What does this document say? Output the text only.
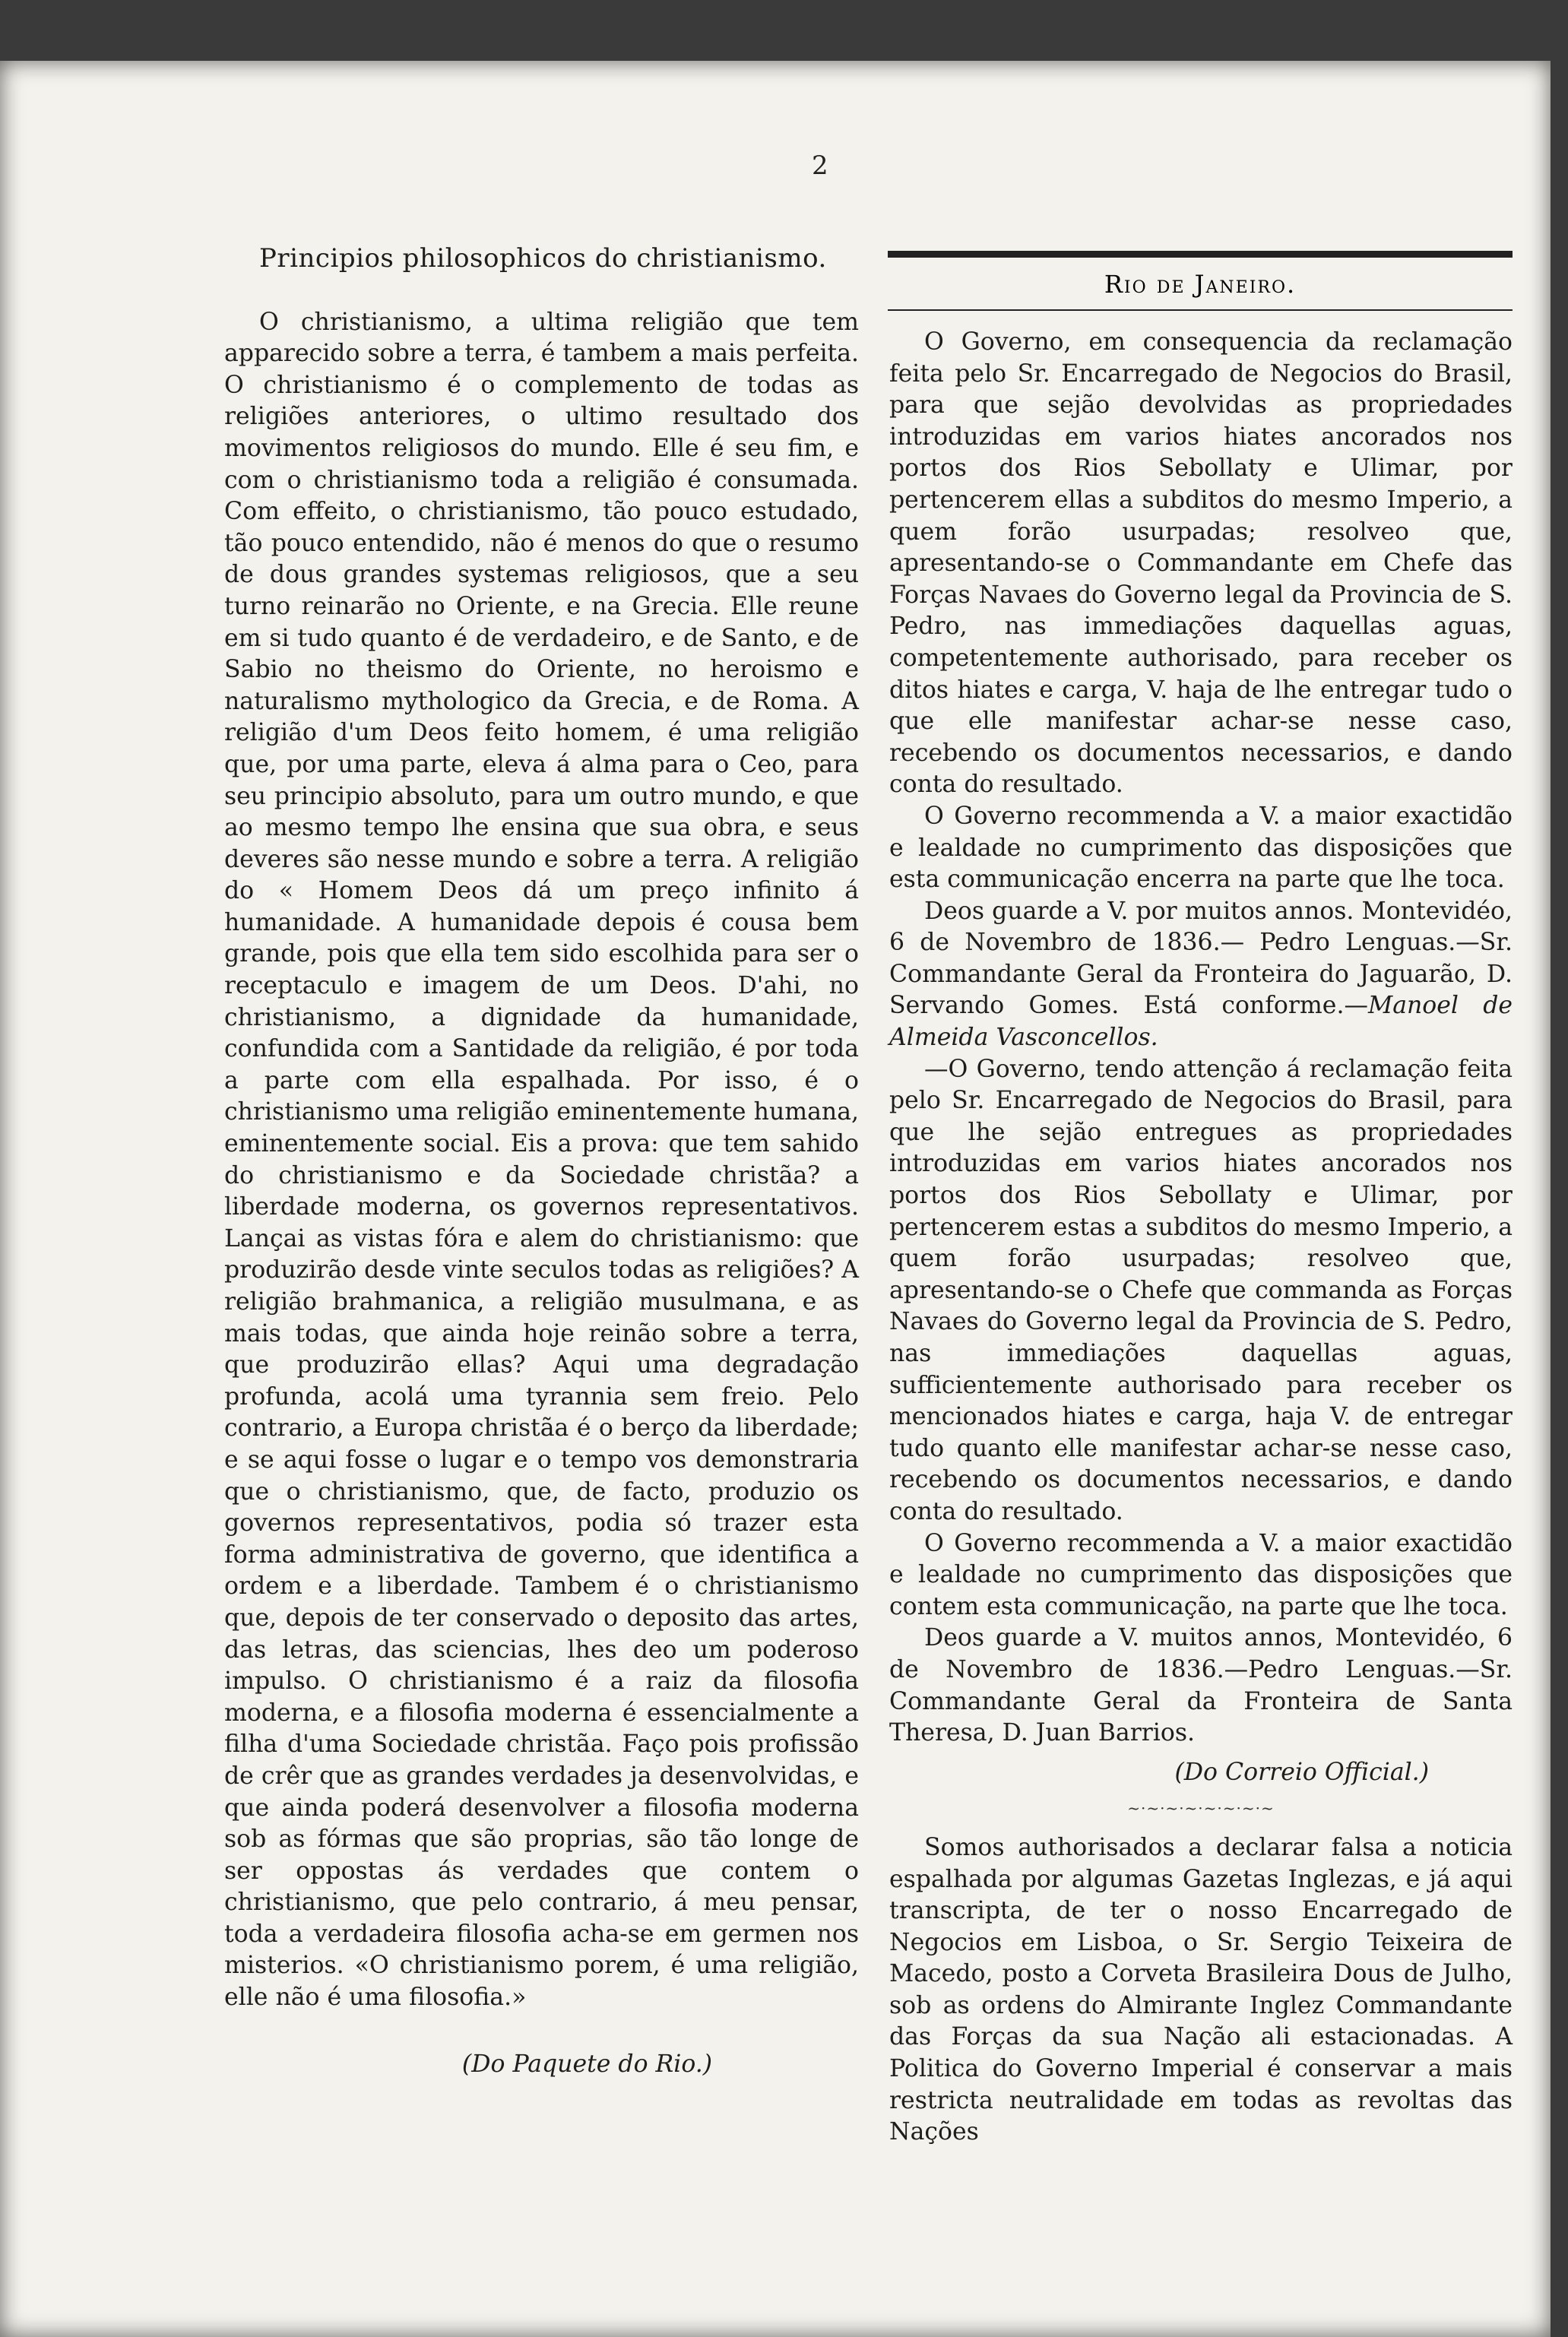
2
Principios philosophicos do christianismo.

O christianismo, a ultima religião que tem apparecido sobre a terra, é tambem a mais perfeita. O christianismo é o complemento de todas as religiões anteriores, o ultimo resultado dos movimentos religiosos do mundo. Elle é seu fim, e com o christianismo toda a religião é consumada. Com effeito, o christianismo, tão pouco estudado, tão pouco entendido, não é menos do que o resumo de dous grandes systemas religiosos, que a seu turno reinarão no Oriente, e na Grecia. Elle reune em si tudo quanto é de verdadeiro, e de Santo, e de Sabio no theismo do Oriente, no heroismo e naturalismo mythologico da Grecia, e de Roma. A religião d'um Deos feito homem, é uma religião que, por uma parte, eleva á alma para o Ceo, para seu principio absoluto, para um outro mundo, e que ao mesmo tempo lhe ensina que sua obra, e seus deveres são nesse mundo e sobre a terra. A religião do « Homem Deos dá um preço infinito á humanidade. A humanidade depois é cousa bem grande, pois que ella tem sido escolhida para ser o receptaculo e imagem de um Deos. D'ahi, no christianismo, a dignidade da humanidade, confundida com a Santidade da religião, é por toda a parte com ella espalhada. Por isso, é o christianismo uma religião eminentemente humana, eminentemente social. Eis a prova: que tem sahido do christianismo e da Sociedade christãa? a liberdade moderna, os governos representativos. Lançai as vistas fóra e alem do christianismo: que produzirão desde vinte seculos todas as religiões? A religião brahmanica, a religião musulmana, e as mais todas, que ainda hoje reinão sobre a terra, que produzirão ellas? Aqui uma degradação profunda, acolá uma tyrannia sem freio. Pelo contrario, a Europa christãa é o berço da liberdade; e se aqui fosse o lugar e o tempo vos demonstraria que o christianismo, que, de facto, produzio os governos representativos, podia só trazer esta forma administrativa de governo, que identifica a ordem e a liberdade. Tambem é o christianismo que, depois de ter conservado o deposito das artes, das letras, das sciencias, lhes deo um poderoso impulso. O christianismo é a raiz da filosofia moderna, e a filosofia moderna é essencialmente a filha d'uma Sociedade christãa. Faço pois profissão de crêr que as grandes verdades ja desenvolvidas, e que ainda poderá desenvolver a filosofia moderna sob as fórmas que são proprias, são tão longe de ser oppostas ás verdades que contem o christianismo, que pelo contrario, á meu pensar, toda a verdadeira filosofia acha-se em germen nos misterios. «O christianismo porem, é uma religião, elle não é uma filosofia.»

(Do Paquete do Rio.)

Rio de Janeiro.

O Governo, em consequencia da reclamação feita pelo Sr. Encarregado de Negocios do Brasil, para que sejão devolvidas as propriedades introduzidas em varios hiates ancorados nos portos dos Rios Sebollaty e Ulimar, por pertencerem ellas a subditos do mesmo Imperio, a quem forão usurpadas; resolveo que, apresentando-se o Commandante em Chefe das Forças Navaes do Governo legal da Provincia de S. Pedro, nas immediações daquellas aguas, competentemente authorisado, para receber os ditos hiates e carga, V. haja de lhe entregar tudo o que elle manifestar achar-se nesse caso, recebendo os documentos necessarios, e dando conta do resultado.

O Governo recommenda a V. a maior exactidão e lealdade no cumprimento das disposições que esta communicação encerra na parte que lhe toca.

Deos guarde a V. por muitos annos. Montevidéo, 6 de Novembro de 1836.— Pedro Lenguas.—Sr. Commandante Geral da Fronteira do Jaguarão, D. Servando Gomes. Está conforme.—Manoel de Almeida Vasconcellos.

—O Governo, tendo attenção á reclamação feita pelo Sr. Encarregado de Negocios do Brasil, para que lhe sejão entregues as propriedades introduzidas em varios hiates ancorados nos portos dos Rios Sebollaty e Ulimar, por pertencerem estas a subditos do mesmo Imperio, a quem forão usurpadas; resolveo que, apresentando-se o Chefe que commanda as Forças Navaes do Governo legal da Provincia de S. Pedro, nas immediações daquellas aguas, sufficientemente authorisado para receber os mencionados hiates e carga, haja V. de entregar tudo quanto elle manifestar achar-se nesse caso, recebendo os documentos necessarios, e dando conta do resultado.

O Governo recommenda a V. a maior exactidão e lealdade no cumprimento das disposições que contem esta communicação, na parte que lhe toca.

Deos guarde a V. muitos annos, Montevidéo, 6 de Novembro de 1836.—Pedro Lenguas.—Sr. Commandante Geral da Fronteira de Santa Theresa, D. Juan Barrios.

(Do Correio Official.)

~·~·~·~·~·~·~·~

Somos authorisados a declarar falsa a noticia espalhada por algumas Gazetas Inglezas, e já aqui transcripta, de ter o nosso Encarregado de Negocios em Lisboa, o Sr. Sergio Teixeira de Macedo, posto a Corveta Brasileira Dous de Julho, sob as ordens do Almirante Inglez Commandante das Forças da sua Nação ali estacionadas. A Politica do Governo Imperial é conservar a mais restricta neutralidade em todas as revoltas das Nações
